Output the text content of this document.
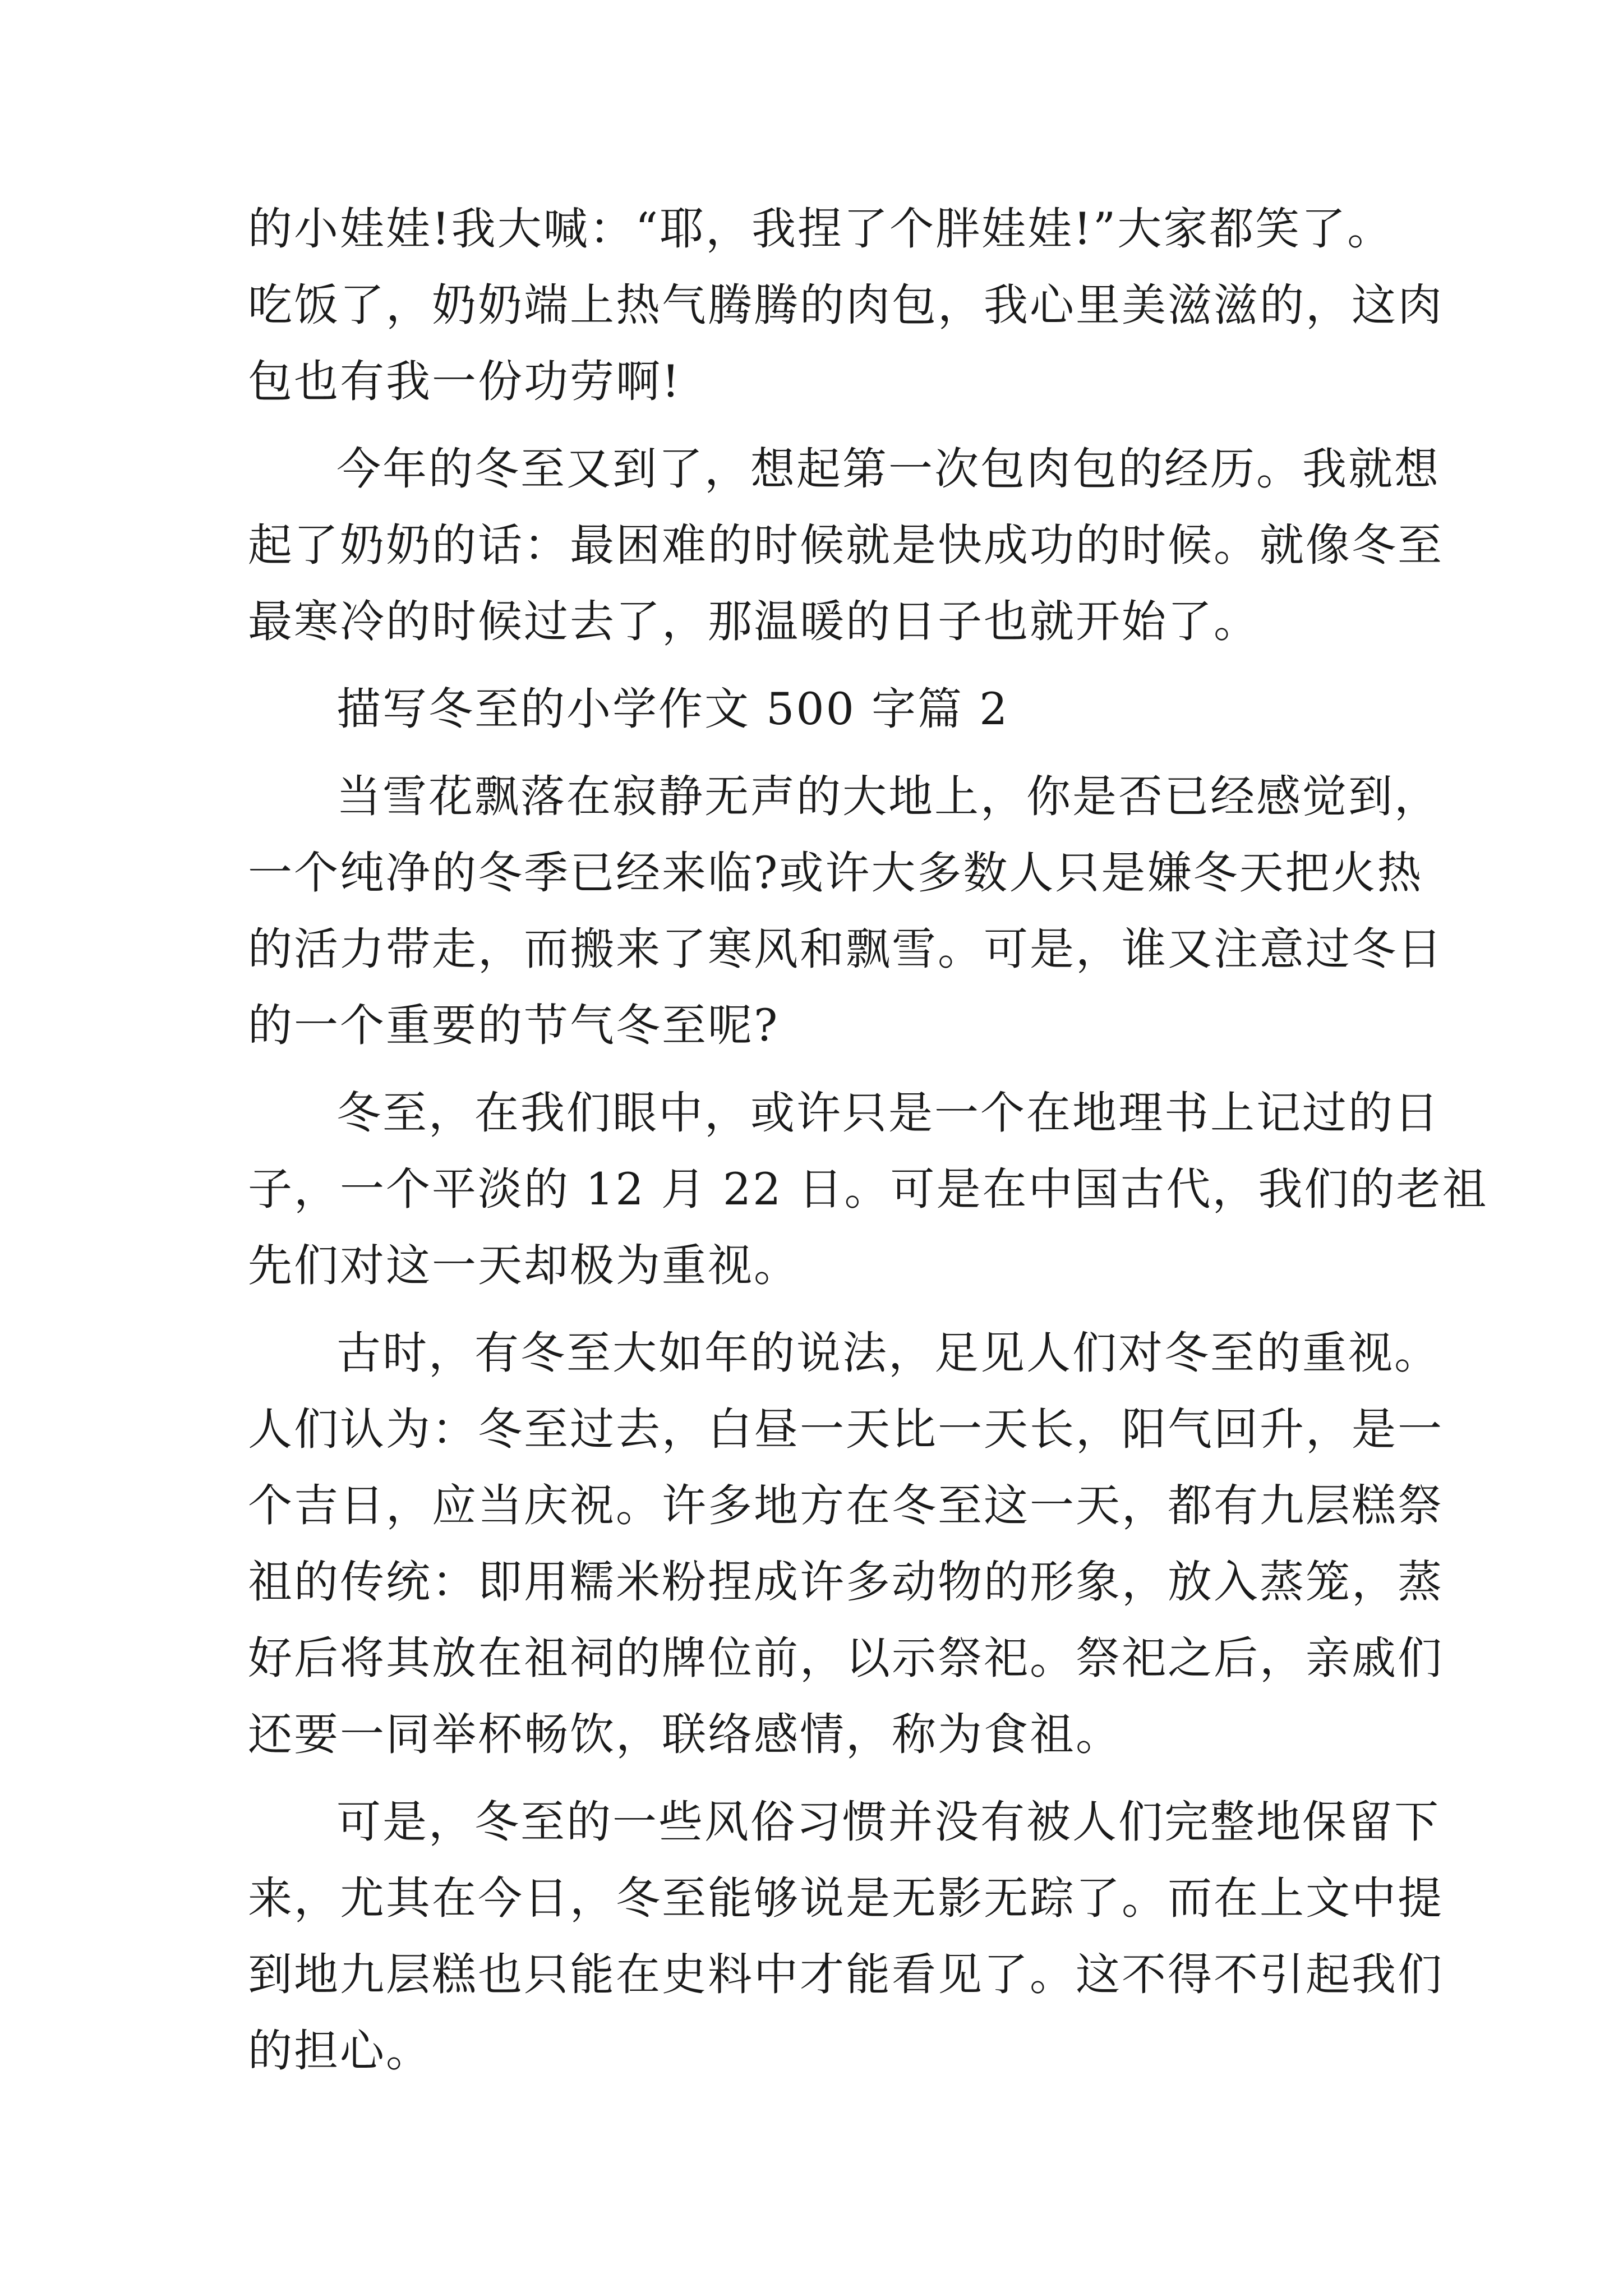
的小娃娃!我大喊：“耶，我捏了个胖娃娃!”大家都笑了。
吃饭了，奶奶端上热气腾腾的肉包，我心里美滋滋的，这肉
包也有我一份功劳啊!
今年的冬至又到了，想起第一次包肉包的经历。我就想
起了奶奶的话：最困难的时候就是快成功的时候。就像冬至
最寒冷的时候过去了，那温暖的日子也就开始了。
描写冬至的小学作文 500 字篇 2
当雪花飘落在寂静无声的大地上，你是否已经感觉到，
一个纯净的冬季已经来临?或许大多数人只是嫌冬天把火热
的活力带走，而搬来了寒风和飘雪。可是，谁又注意过冬日
的一个重要的节气冬至呢?
冬至，在我们眼中，或许只是一个在地理书上记过的日
子，一个平淡的 12 月 22 日。可是在中国古代，我们的老祖
先们对这一天却极为重视。
古时，有冬至大如年的说法，足见人们对冬至的重视。
人们认为：冬至过去，白昼一天比一天长，阳气回升，是一
个吉日，应当庆祝。许多地方在冬至这一天，都有九层糕祭
祖的传统：即用糯米粉捏成许多动物的形象，放入蒸笼，蒸
好后将其放在祖祠的牌位前，以示祭祀。祭祀之后，亲戚们
还要一同举杯畅饮，联络感情，称为食祖。
可是，冬至的一些风俗习惯并没有被人们完整地保留下
来，尤其在今日，冬至能够说是无影无踪了。而在上文中提
到地九层糕也只能在史料中才能看见了。这不得不引起我们
的担心。
